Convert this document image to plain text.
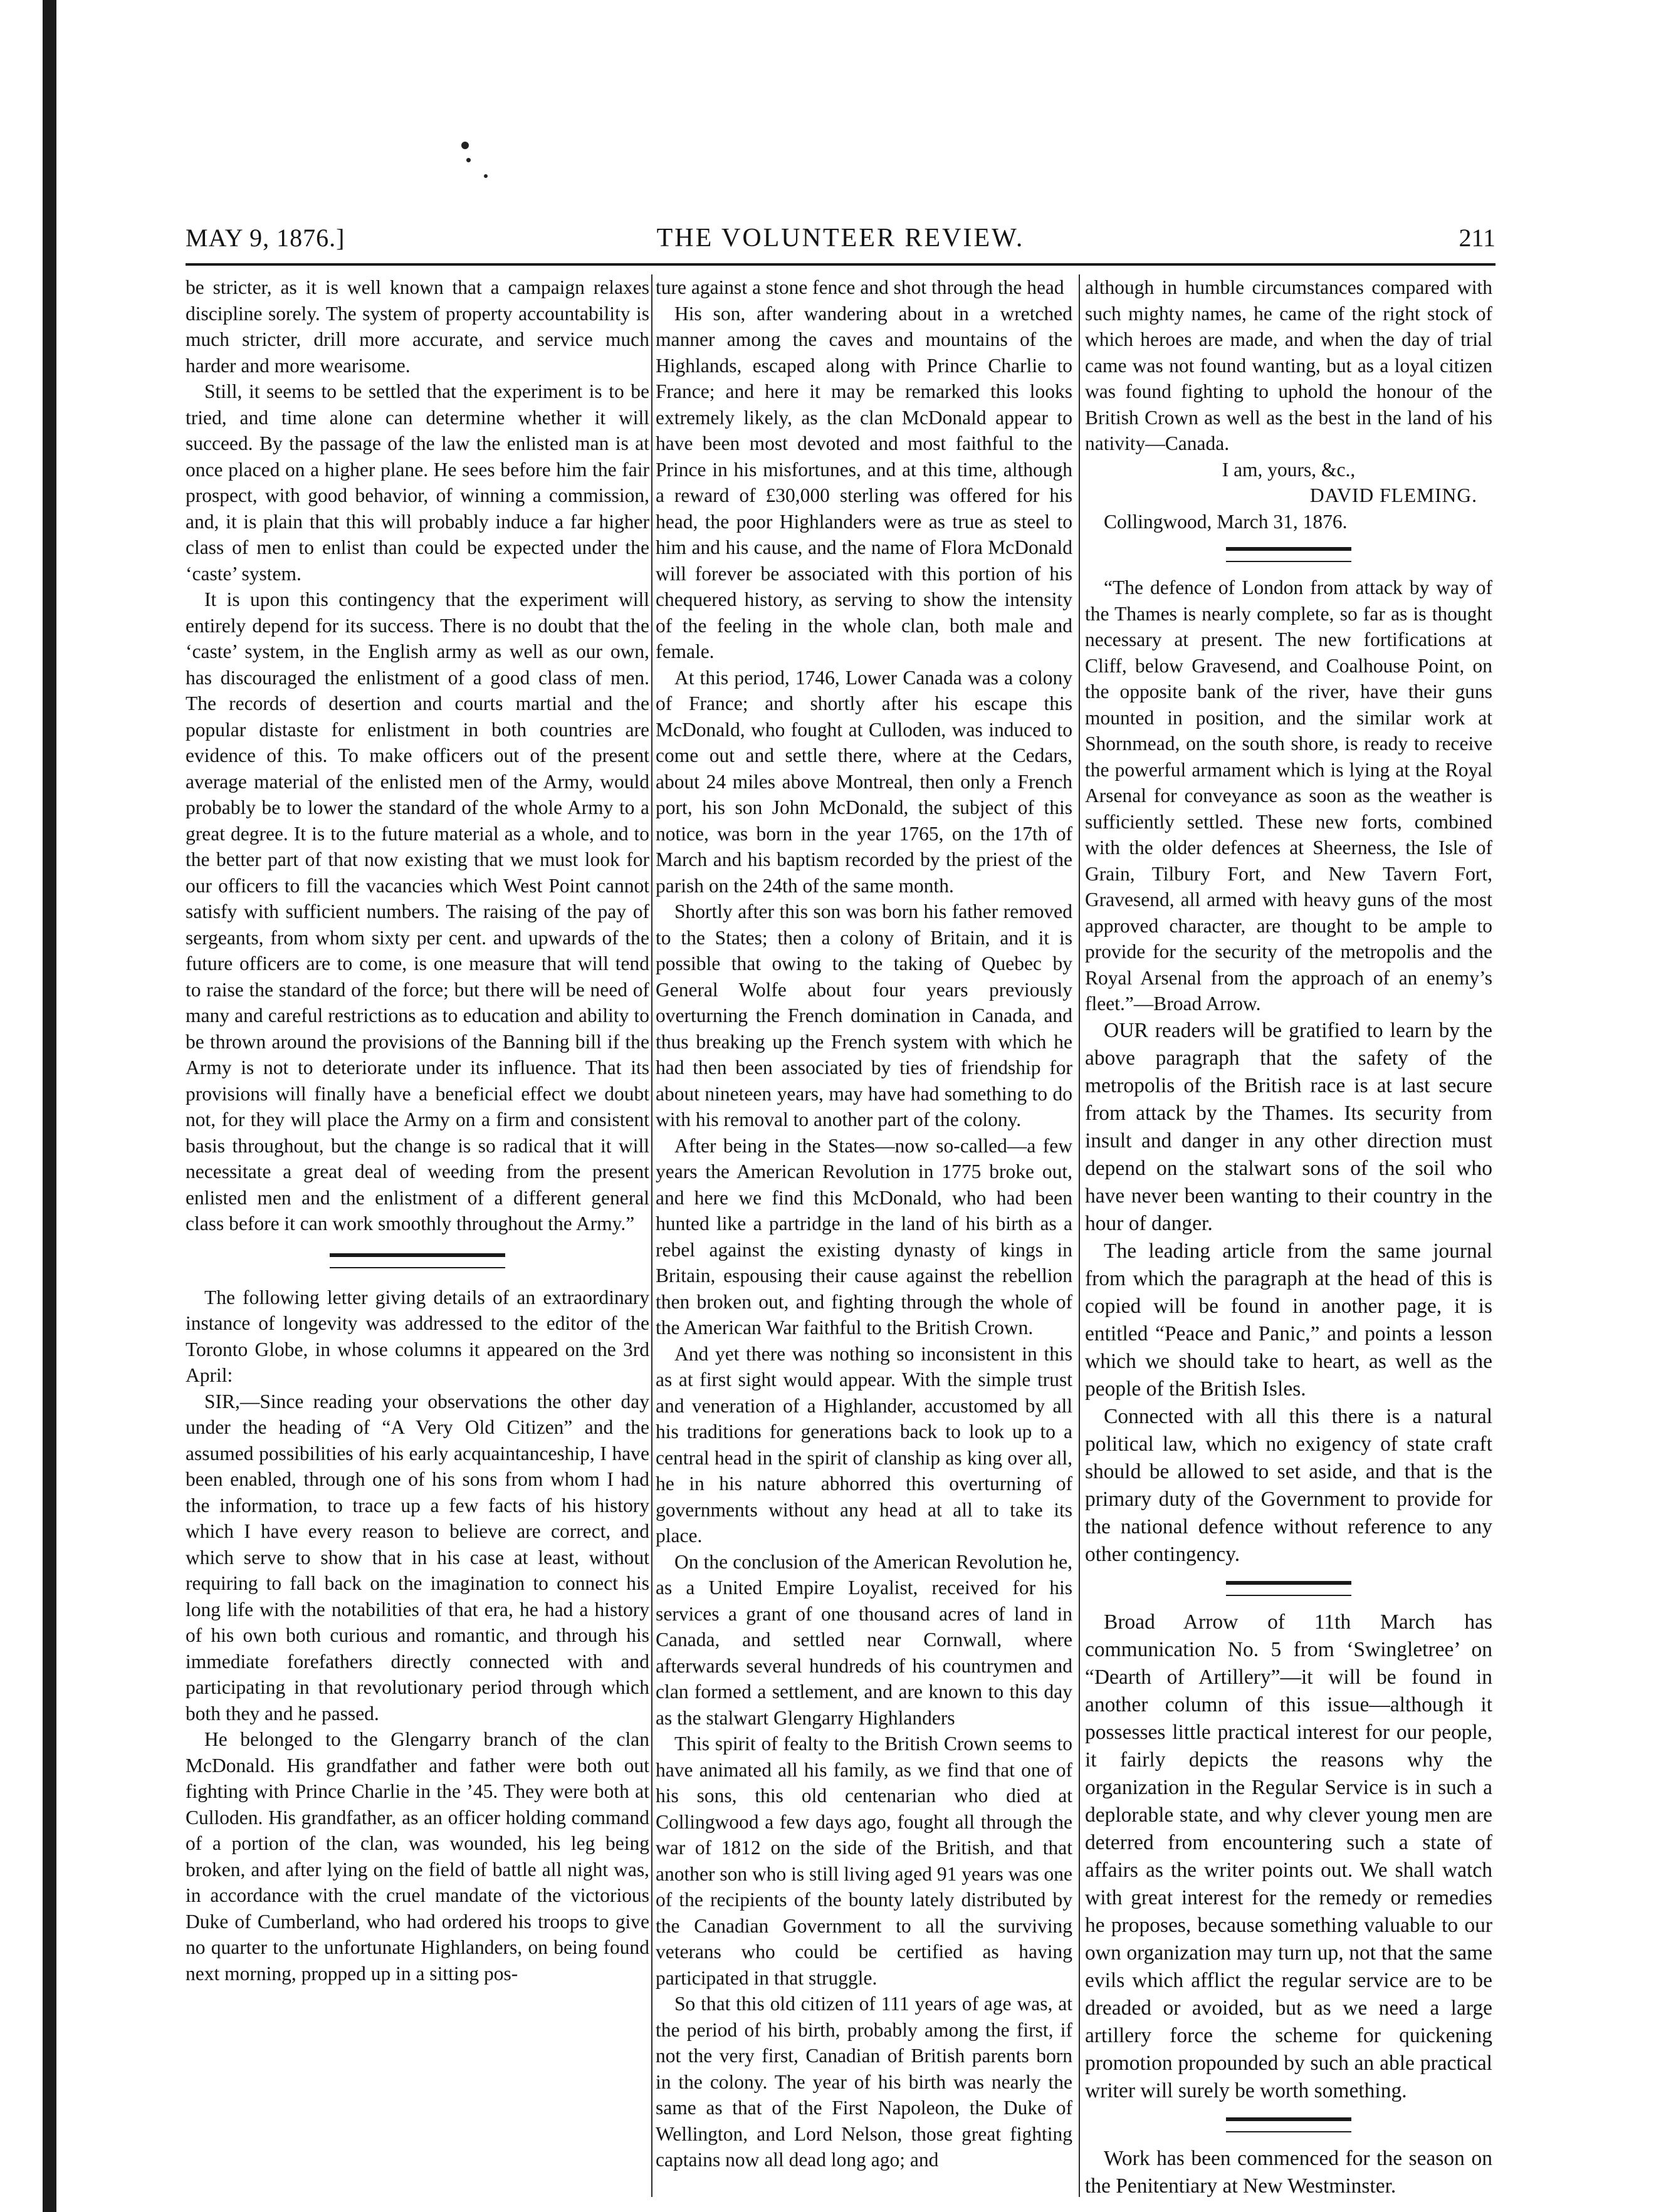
MAY 9, 1876.]	THE VOLUNTEER REVIEW.	211

be stricter, as it is well known that a campaign relaxes discipline sorely. The system of property accountability is much stricter, drill more accurate, and service much harder and more wearisome.

Still, it seems to be settled that the experiment is to be tried, and time alone can determine whether it will succeed. By the passage of the law the enlisted man is at once placed on a higher plane. He sees before him the fair prospect, with good behavior, of winning a commission, and, it is plain that this will probably induce a far higher class of men to enlist than could be expected under the ‘caste’ system.

It is upon this contingency that the experiment will entirely depend for its success. There is no doubt that the ‘caste’ system, in the English army as well as our own, has discouraged the enlistment of a good class of men. The records of desertion and courts martial and the popular distaste for enlistment in both countries are evidence of this. To make officers out of the present average material of the enlisted men of the Army, would probably be to lower the standard of the whole Army to a great degree. It is to the future material as a whole, and to the better part of that now existing that we must look for our officers to fill the vacancies which West Point cannot satisfy with sufficient numbers. The raising of the pay of sergeants, from whom sixty per cent. and upwards of the future officers are to come, is one measure that will tend to raise the standard of the force; but there will be need of many and careful restrictions as to education and ability to be thrown around the provisions of the Banning bill if the Army is not to deteriorate under its influence. That its provisions will finally have a beneficial effect we doubt not, for they will place the Army on a firm and consistent basis throughout, but the change is so radical that it will necessitate a great deal of weeding from the present enlisted men and the enlistment of a different general class before it can work smoothly throughout the Army.”

The following letter giving details of an extraordinary instance of longevity was addressed to the editor of the Toronto Globe, in whose columns it appeared on the 3rd April:

SIR,—Since reading your observations the other day under the heading of “A Very Old Citizen” and the assumed possibilities of his early acquaintanceship, I have been enabled, through one of his sons from whom I had the information, to trace up a few facts of his history which I have every reason to believe are correct, and which serve to show that in his case at least, without requiring to fall back on the imagination to connect his long life with the notabilities of that era, he had a history of his own both curious and romantic, and through his immediate forefathers directly connected with and participating in that revolutionary period through which both they and he passed.

He belonged to the Glengarry branch of the clan McDonald. His grandfather and father were both out fighting with Prince Charlie in the ’45. They were both at Culloden. His grandfather, as an officer holding command of a portion of the clan, was wounded, his leg being broken, and after lying on the field of battle all night was, in accordance with the cruel mandate of the victorious Duke of Cumberland, who had ordered his troops to give no quarter to the unfortunate Highlanders, on being found next morning, propped up in a sitting pos-

ture against a stone fence and shot through the head

His son, after wandering about in a wretched manner among the caves and mountains of the Highlands, escaped along with Prince Charlie to France; and here it may be remarked this looks extremely likely, as the clan McDonald appear to have been most devoted and most faithful to the Prince in his misfortunes, and at this time, although a reward of £30,000 sterling was offered for his head, the poor Highlanders were as true as steel to him and his cause, and the name of Flora McDonald will forever be associated with this portion of his chequered history, as serving to show the intensity of the feeling in the whole clan, both male and female.

At this period, 1746, Lower Canada was a colony of France; and shortly after his escape this McDonald, who fought at Culloden, was induced to come out and settle there, where at the Cedars, about 24 miles above Montreal, then only a French port, his son John McDonald, the subject of this notice, was born in the year 1765, on the 17th of March and his baptism recorded by the priest of the parish on the 24th of the same month.

Shortly after this son was born his father removed to the States; then a colony of Britain, and it is possible that owing to the taking of Quebec by General Wolfe about four years previously overturning the French domination in Canada, and thus breaking up the French system with which he had then been associated by ties of friendship for about nineteen years, may have had something to do with his removal to another part of the colony.

After being in the States—now so-called—a few years the American Revolution in 1775 broke out, and here we find this McDonald, who had been hunted like a partridge in the land of his birth as a rebel against the existing dynasty of kings in Britain, espousing their cause against the rebellion then broken out, and fighting through the whole of the American War faithful to the British Crown.

And yet there was nothing so inconsistent in this as at first sight would appear. With the simple trust and veneration of a Highlander, accustomed by all his traditions for generations back to look up to a central head in the spirit of clanship as king over all, he in his nature abhorred this overturning of governments without any head at all to take its place.

On the conclusion of the American Revolution he, as a United Empire Loyalist, received for his services a grant of one thousand acres of land in Canada, and settled near Cornwall, where afterwards several hundreds of his countrymen and clan formed a settlement, and are known to this day as the stalwart Glengarry Highlanders

This spirit of fealty to the British Crown seems to have animated all his family, as we find that one of his sons, this old centenarian who died at Collingwood a few days ago, fought all through the war of 1812 on the side of the British, and that another son who is still living aged 91 years was one of the recipients of the bounty lately distributed by the Canadian Government to all the surviving veterans who could be certified as having participated in that struggle.

So that this old citizen of 111 years of age was, at the period of his birth, probably among the first, if not the very first, Canadian of British parents born in the colony. The year of his birth was nearly the same as that of the First Napoleon, the Duke of Wellington, and Lord Nelson, those great fighting captains now all dead long ago; and

although in humble circumstances compared with such mighty names, he came of the right stock of which heroes are made, and when the day of trial came was not found wanting, but as a loyal citizen was found fighting to uphold the honour of the British Crown as well as the best in the land of his nativity—Canada.

I am, yours, &c.,

DAVID FLEMING.

Collingwood, March 31, 1876.

“The defence of London from attack by way of the Thames is nearly complete, so far as is thought necessary at present. The new fortifications at Cliff, below Gravesend, and Coalhouse Point, on the opposite bank of the river, have their guns mounted in position, and the similar work at Shornmead, on the south shore, is ready to receive the powerful armament which is lying at the Royal Arsenal for conveyance as soon as the weather is sufficiently settled. These new forts, combined with the older defences at Sheerness, the Isle of Grain, Tilbury Fort, and New Tavern Fort, Gravesend, all armed with heavy guns of the most approved character, are thought to be ample to provide for the security of the metropolis and the Royal Arsenal from the approach of an enemy’s fleet.”—Broad Arrow.

OUR readers will be gratified to learn by the above paragraph that the safety of the metropolis of the British race is at last secure from attack by the Thames. Its security from insult and danger in any other direction must depend on the stalwart sons of the soil who have never been wanting to their country in the hour of danger.

The leading article from the same journal from which the paragraph at the head of this is copied will be found in another page, it is entitled “Peace and Panic,” and points a lesson which we should take to heart, as well as the people of the British Isles.

Connected with all this there is a natural political law, which no exigency of state craft should be allowed to set aside, and that is the primary duty of the Government to provide for the national defence without reference to any other contingency.

Broad Arrow of 11th March has communication No. 5 from ‘Swingletree’ on “Dearth of Artillery”—it will be found in another column of this issue—although it possesses little practical interest for our people, it fairly depicts the reasons why the organization in the Regular Service is in such a deplorable state, and why clever young men are deterred from encountering such a state of affairs as the writer points out. We shall watch with great interest for the remedy or remedies he proposes, because something valuable to our own organization may turn up, not that the same evils which afflict the regular service are to be dreaded or avoided, but as we need a large artillery force the scheme for quickening promotion propounded by such an able practical writer will surely be worth something.

Work has been commenced for the season on the Penitentiary at New Westminster.
